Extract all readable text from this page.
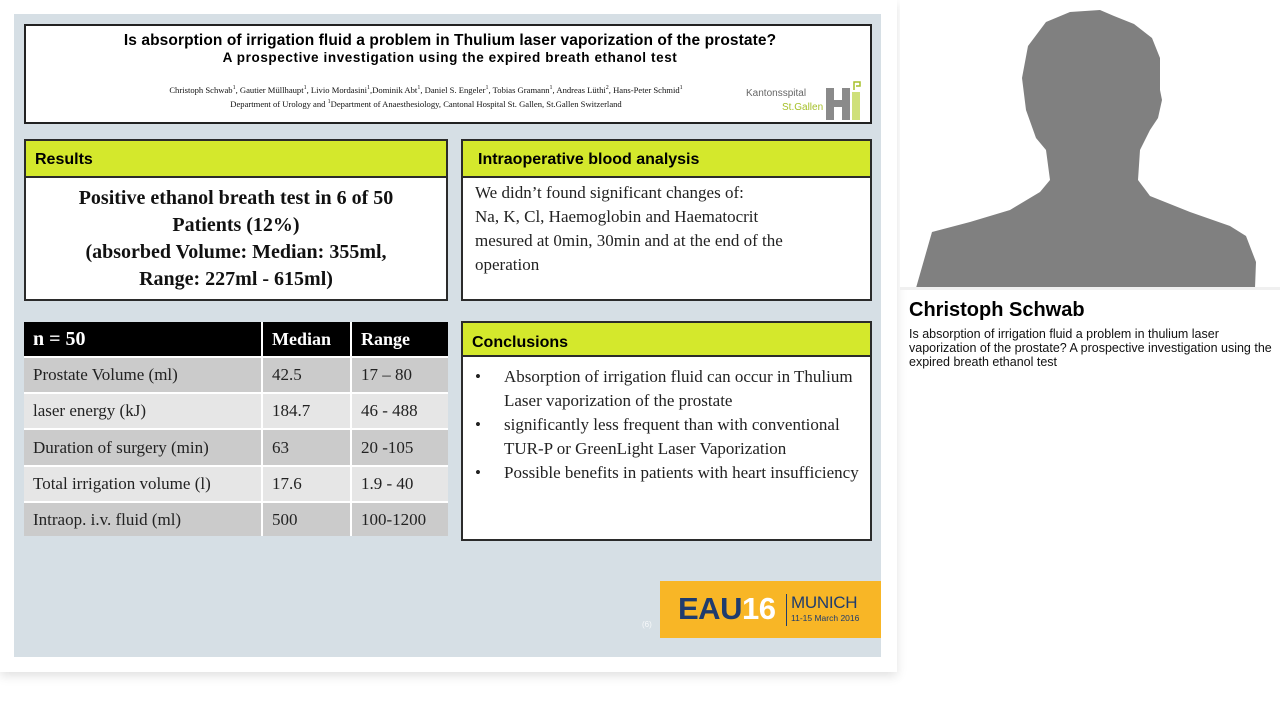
Is absorption of irrigation fluid a problem in Thulium laser vaporization of the prostate?
A prospective investigation using the expired breath ethanol test
Christoph Schwab$^1$, Gautier Müllhaupt$^1$, Livio Mordasini$^1$,Dominik Abt$^1$, Daniel S. Engeler$^1$, Tobias Gramann$^1$, Andreas Lüthi$^2$, Hans-Peter Schmid$^1$
Department of Urology and $^1$Department of Anaesthesiology, Cantonal Hospital St. Gallen, St.Gallen Switzerland
Kantonsspital
St.Gallen
Results
Positive ethanol breath test in 6 of 50
Patients (12%)
(absorbed Volume: Median: 355ml,
Range: 227ml - 615ml)
Intraoperative blood analysis
We didn’t found significant changes of:
Na, K, Cl, Haemoglobin and Haematocrit
mesured at 0min, 30min and at the end of the
operation
n = 50	Median	Range
Prostate Volume (ml)	42.5	17 – 80
laser energy (kJ)	184.7	46 - 488
Duration of surgery (min)	63	20 -105
Total irrigation volume (l)	17.6	1.9 - 40
Intraop. i.v. fluid (ml)	500	100-1200
Conclusions
• Absorption of irrigation fluid can occur in Thulium Laser vaporization of the prostate
• significantly less frequent than with conventional TUR-P or GreenLight Laser Vaporization
• Possible benefits in patients with heart insufficiency
(6) EAU16 MUNICH
11-15 March 2016
Christoph Schwab
Is absorption of irrigation fluid a problem in thulium laser vaporization of the prostate? A prospective investigation using the expired breath ethanol test
